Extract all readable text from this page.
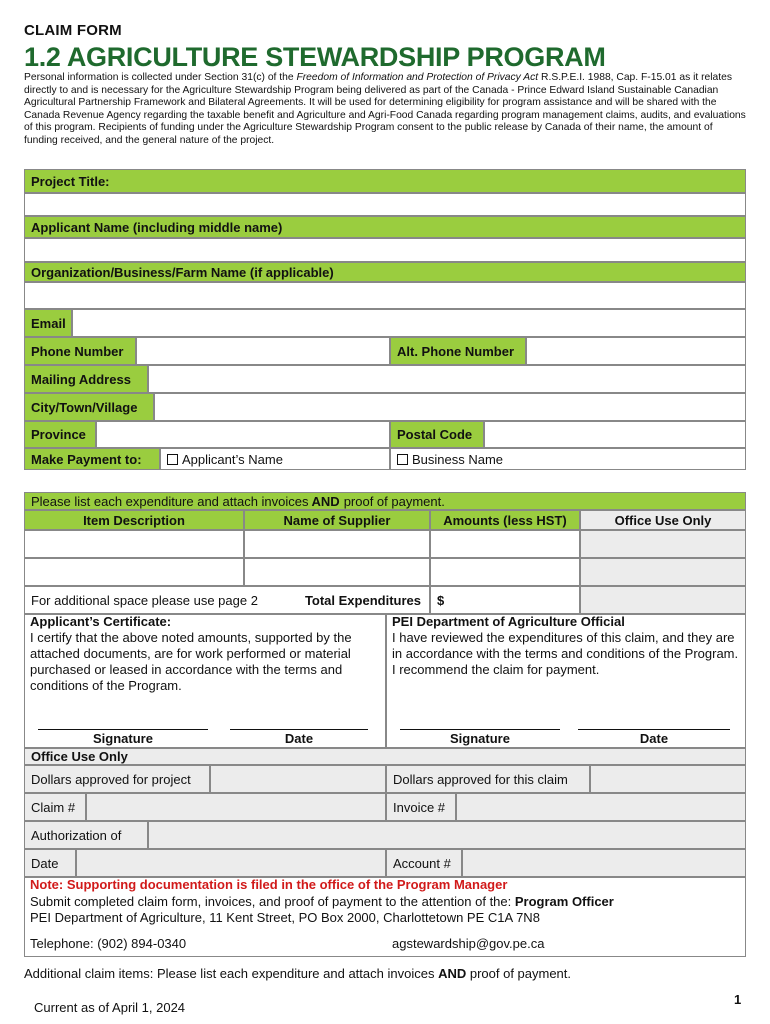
CLAIM FORM
1.2 AGRICULTURE STEWARDSHIP PROGRAM
Personal information is collected under Section 31(c) of the Freedom of Information and Protection of Privacy Act R.S.P.E.I. 1988, Cap. F-15.01 as it relates directly to and is necessary for the Agriculture Stewardship Program being delivered as part of the Canada - Prince Edward Island Sustainable Canadian Agricultural Partnership Framework and Bilateral Agreements. It will be used for determining eligibility for program assistance and will be shared with the Canada Revenue Agency regarding the taxable benefit and Agriculture and Agri-Food Canada regarding program management claims, audits, and evaluations of this program. Recipients of funding under the Agriculture Stewardship Program consent to the public release by Canada of their name, the amount of funding received, and the general nature of the project.
Project Title:
Applicant Name (including middle name)
Organization/Business/Farm Name (if applicable)
Email
Phone Number	Alt. Phone Number
Mailing Address
City/Town/Village
Province	Postal Code
Make Payment to:	Applicant’s Name	Business Name
Please list each expenditure and attach invoices AND proof of payment.
Item Description	Name of Supplier	Amounts (less HST)	Office Use Only
For additional space please use page 2	Total Expenditures $
Applicant’s Certificate:
I certify that the above noted amounts, supported by the attached documents, are for work performed or material purchased or leased in accordance with the terms and conditions of the Program.
PEI Department of Agriculture Official
I have reviewed the expenditures of this claim, and they are in accordance with the terms and conditions of the Program. I recommend the claim for payment.
Signature	Date	Signature	Date
Office Use Only
Dollars approved for project	Dollars approved for this claim
Claim #	Invoice #
Authorization of
Date	Account #
Note: Supporting documentation is filed in the office of the Program Manager
Submit completed claim form, invoices, and proof of payment to the attention of the: Program Officer
PEI Department of Agriculture, 11 Kent Street, PO Box 2000, Charlottetown PE C1A 7N8
Telephone: (902) 894-0340	agstewardship@gov.pe.ca
Additional claim items: Please list each expenditure and attach invoices AND proof of payment.
Current as of April 1, 2024
1
